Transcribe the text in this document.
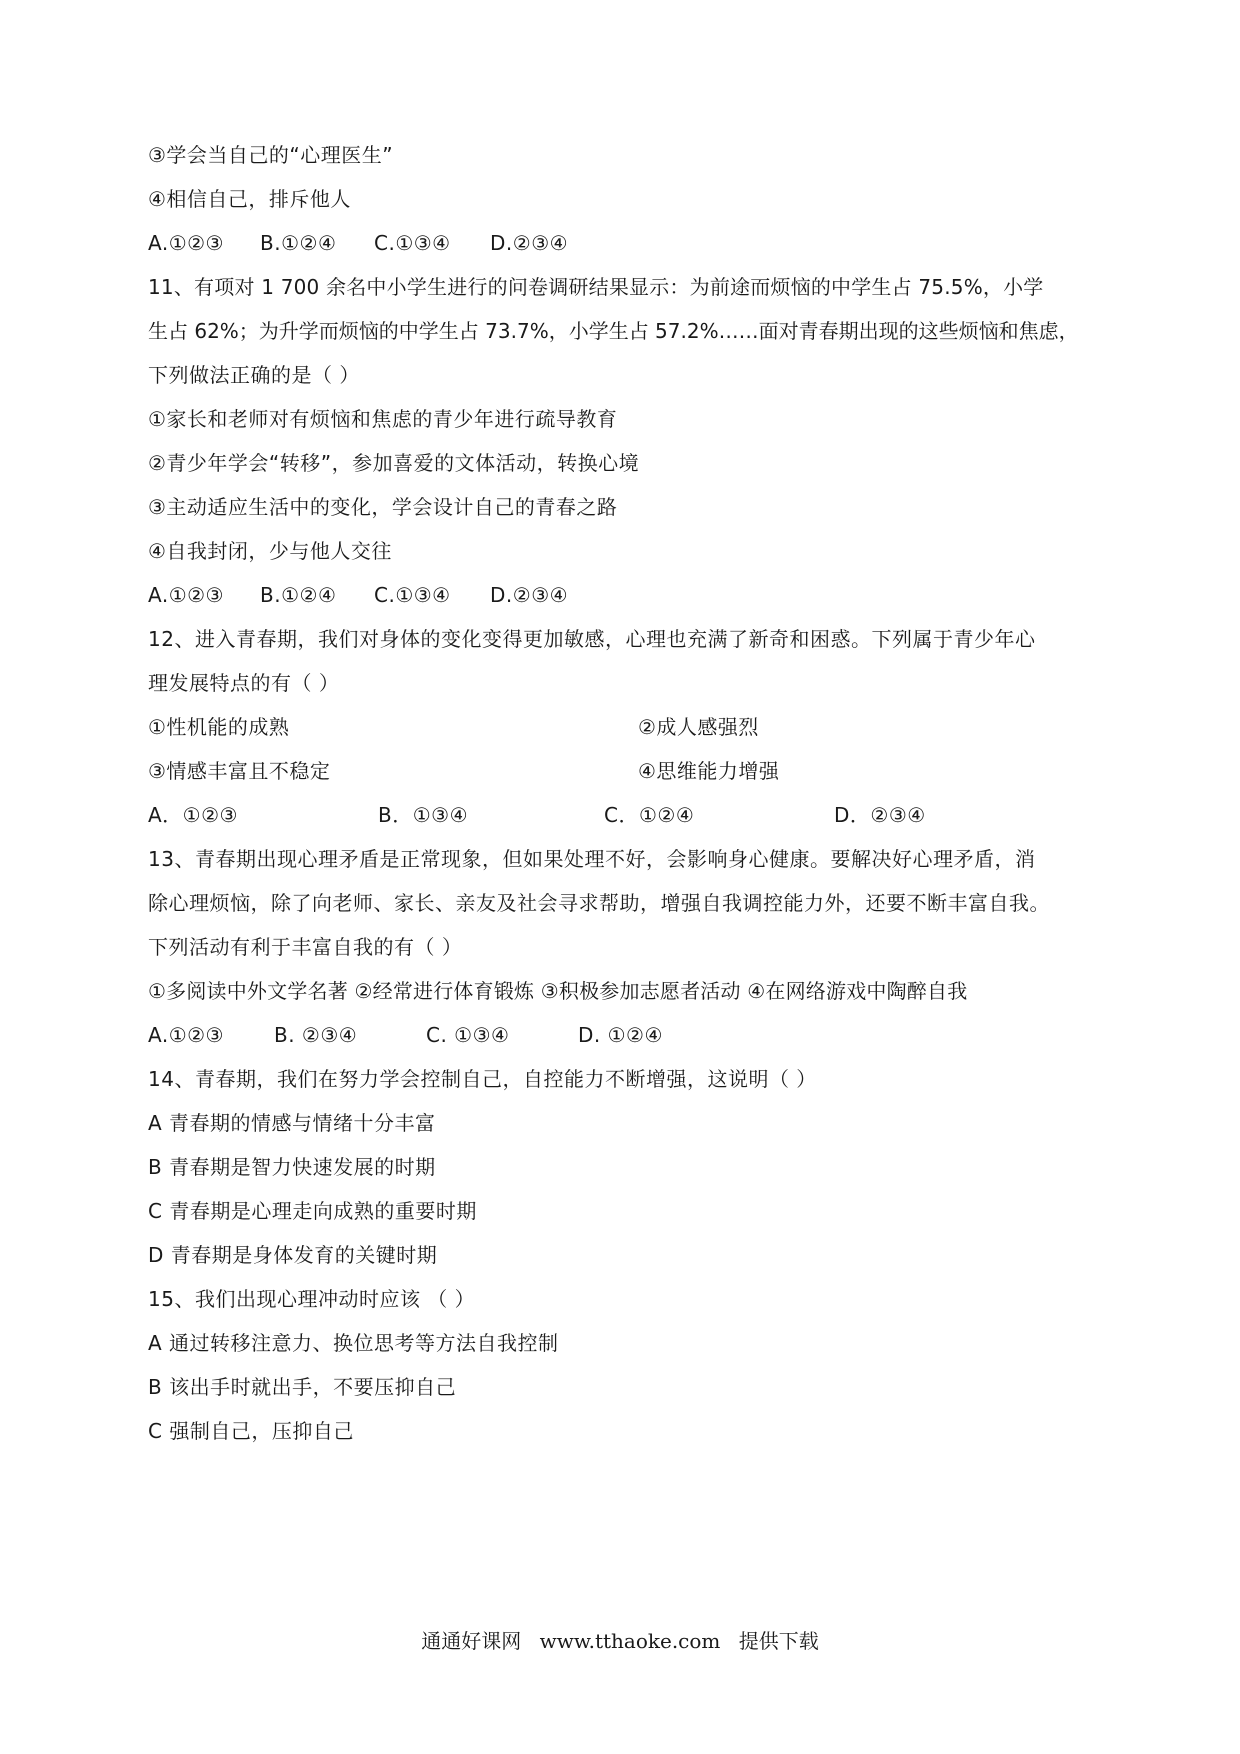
③学会当自己的“心理医生”
④相信自己，排斥他人
A.①②③ B.①②④ C.①③④ D.②③④
11、有项对 1 700 余名中小学生进行的问卷调研结果显示：为前途而烦恼的中学生占 75.5%，小学
生占 62%；为升学而烦恼的中学生占 73.7%，小学生占 57.2%……面对青春期出现的这些烦恼和焦虑，
下列做法正确的是（ ）
①家长和老师对有烦恼和焦虑的青少年进行疏导教育
②青少年学会“转移”，参加喜爱的文体活动，转换心境
③主动适应生活中的变化，学会设计自己的青春之路
④自我封闭，少与他人交往
A.①②③ B.①②④ C.①③④ D.②③④
12、进入青春期，我们对身体的变化变得更加敏感，心理也充满了新奇和困惑。下列属于青少年心
理发展特点的有（ ）
①性机能的成熟	②成人感强烈
③情感丰富且不稳定	④思维能力增强
A．①②③	B．①③④	C．①②④	D．②③④
13、青春期出现心理矛盾是正常现象，但如果处理不好，会影响身心健康。要解决好心理矛盾，消
除心理烦恼，除了向老师、家长、亲友及社会寻求帮助，增强自我调控能力外，还要不断丰富自我。
下列活动有利于丰富自我的有（ ）
①多阅读中外文学名著 ②经常进行体育锻炼 ③积极参加志愿者活动 ④在网络游戏中陶醉自我
A.①②③	B. ②③④	C. ①③④	D. ①②④
14、青春期，我们在努力学会控制自己，自控能力不断增强，这说明（ ）
A 青春期的情感与情绪十分丰富
B 青春期是智力快速发展的时期
C 青春期是心理走向成熟的重要时期
D 青春期是身体发育的关键时期
15、我们出现心理冲动时应该 （ ）
A 通过转移注意力、换位思考等方法自我控制
B 该出手时就出手，不要压抑自己
C 强制自己，压抑自己
通通好课网 www.tthaoke.com 提供下载
